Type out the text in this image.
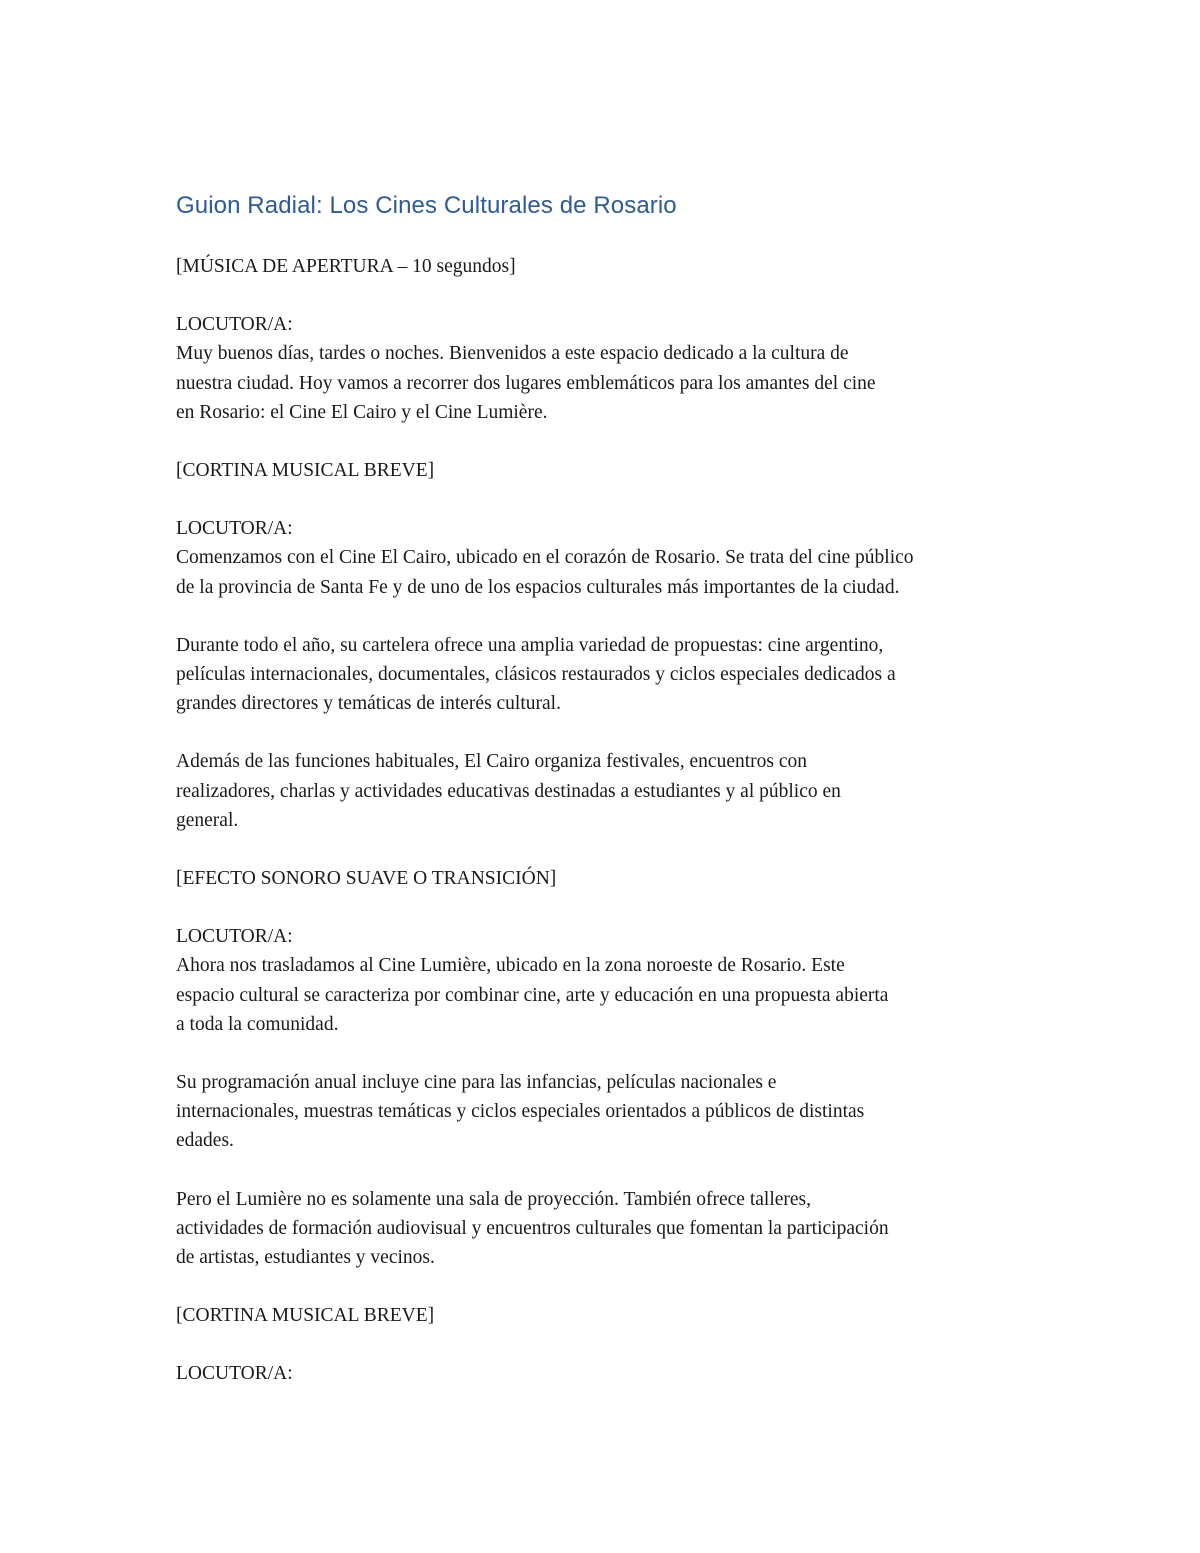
Guion Radial: Los Cines Culturales de Rosario
[MÚSICA DE APERTURA – 10 segundos]
LOCUTOR/A:
Muy buenos días, tardes o noches. Bienvenidos a este espacio dedicado a la cultura de
nuestra ciudad. Hoy vamos a recorrer dos lugares emblemáticos para los amantes del cine
en Rosario: el Cine El Cairo y el Cine Lumière.
[CORTINA MUSICAL BREVE]
LOCUTOR/A:
Comenzamos con el Cine El Cairo, ubicado en el corazón de Rosario. Se trata del cine público
de la provincia de Santa Fe y de uno de los espacios culturales más importantes de la ciudad.
Durante todo el año, su cartelera ofrece una amplia variedad de propuestas: cine argentino,
películas internacionales, documentales, clásicos restaurados y ciclos especiales dedicados a
grandes directores y temáticas de interés cultural.
Además de las funciones habituales, El Cairo organiza festivales, encuentros con
realizadores, charlas y actividades educativas destinadas a estudiantes y al público en
general.
[EFECTO SONORO SUAVE O TRANSICIÓN]
LOCUTOR/A:
Ahora nos trasladamos al Cine Lumière, ubicado en la zona noroeste de Rosario. Este
espacio cultural se caracteriza por combinar cine, arte y educación en una propuesta abierta
a toda la comunidad.
Su programación anual incluye cine para las infancias, películas nacionales e
internacionales, muestras temáticas y ciclos especiales orientados a públicos de distintas
edades.
Pero el Lumière no es solamente una sala de proyección. También ofrece talleres,
actividades de formación audiovisual y encuentros culturales que fomentan la participación
de artistas, estudiantes y vecinos.
[CORTINA MUSICAL BREVE]
LOCUTOR/A:
